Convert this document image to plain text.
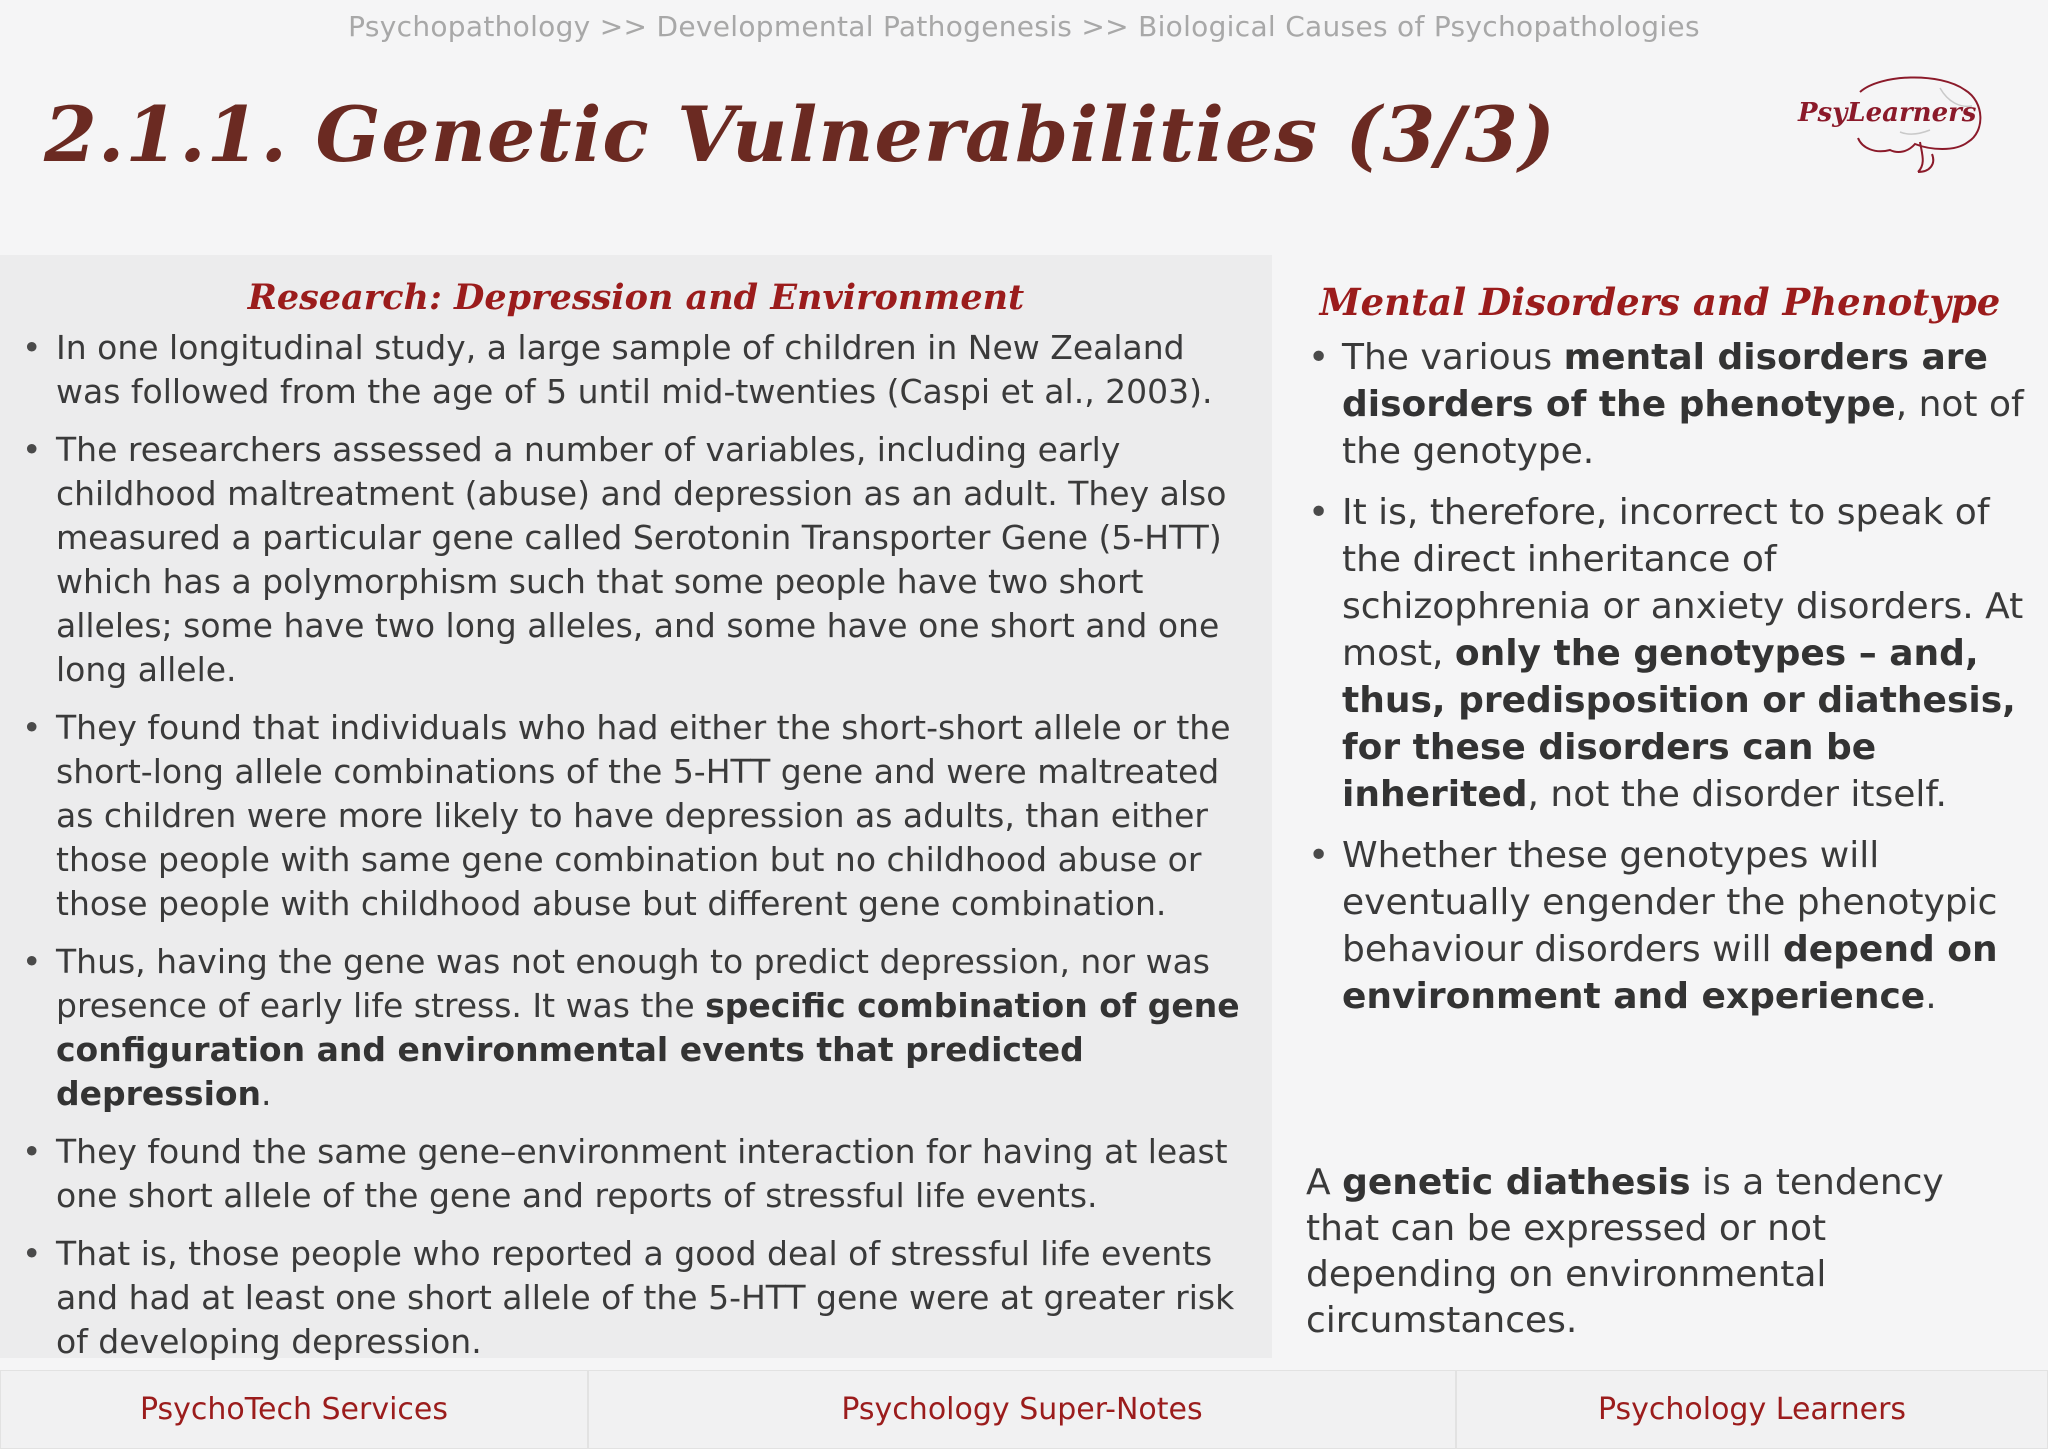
Psychopathology >> Developmental Pathogenesis >> Biological Causes of Psychopathologies
2.1.1. Genetic Vulnerabilities (3/3)	PsyLearners
Research: Depression and Environment
• In one longitudinal study, a large sample of children in New Zealand was followed from the age of 5 until mid-twenties (Caspi et al., 2003).
• The researchers assessed a number of variables, including early childhood maltreatment (abuse) and depression as an adult. They also measured a particular gene called Serotonin Transporter Gene (5-HTT) which has a polymorphism such that some people have two short alleles; some have two long alleles, and some have one short and one long allele.
• They found that individuals who had either the short-short allele or the short-long allele combinations of the 5-HTT gene and were maltreated as children were more likely to have depression as adults, than either those people with same gene combination but no childhood abuse or those people with childhood abuse but different gene combination.
• Thus, having the gene was not enough to predict depression, nor was presence of early life stress. It was the specific combination of gene configuration and environmental events that predicted depression.
• They found the same gene–environment interaction for having at least one short allele of the gene and reports of stressful life events.
• That is, those people who reported a good deal of stressful life events and had at least one short allele of the 5-HTT gene were at greater risk of developing depression.
Mental Disorders and Phenotype
• The various mental disorders are disorders of the phenotype, not of the genotype.
• It is, therefore, incorrect to speak of the direct inheritance of schizophrenia or anxiety disorders. At most, only the genotypes – and, thus, predisposition or diathesis, for these disorders can be inherited, not the disorder itself.
• Whether these genotypes will eventually engender the phenotypic behaviour disorders will depend on environment and experience.

A genetic diathesis is a tendency that can be expressed or not depending on environmental circumstances.

PsychoTech Services	Psychology Super-Notes	Psychology Learners
